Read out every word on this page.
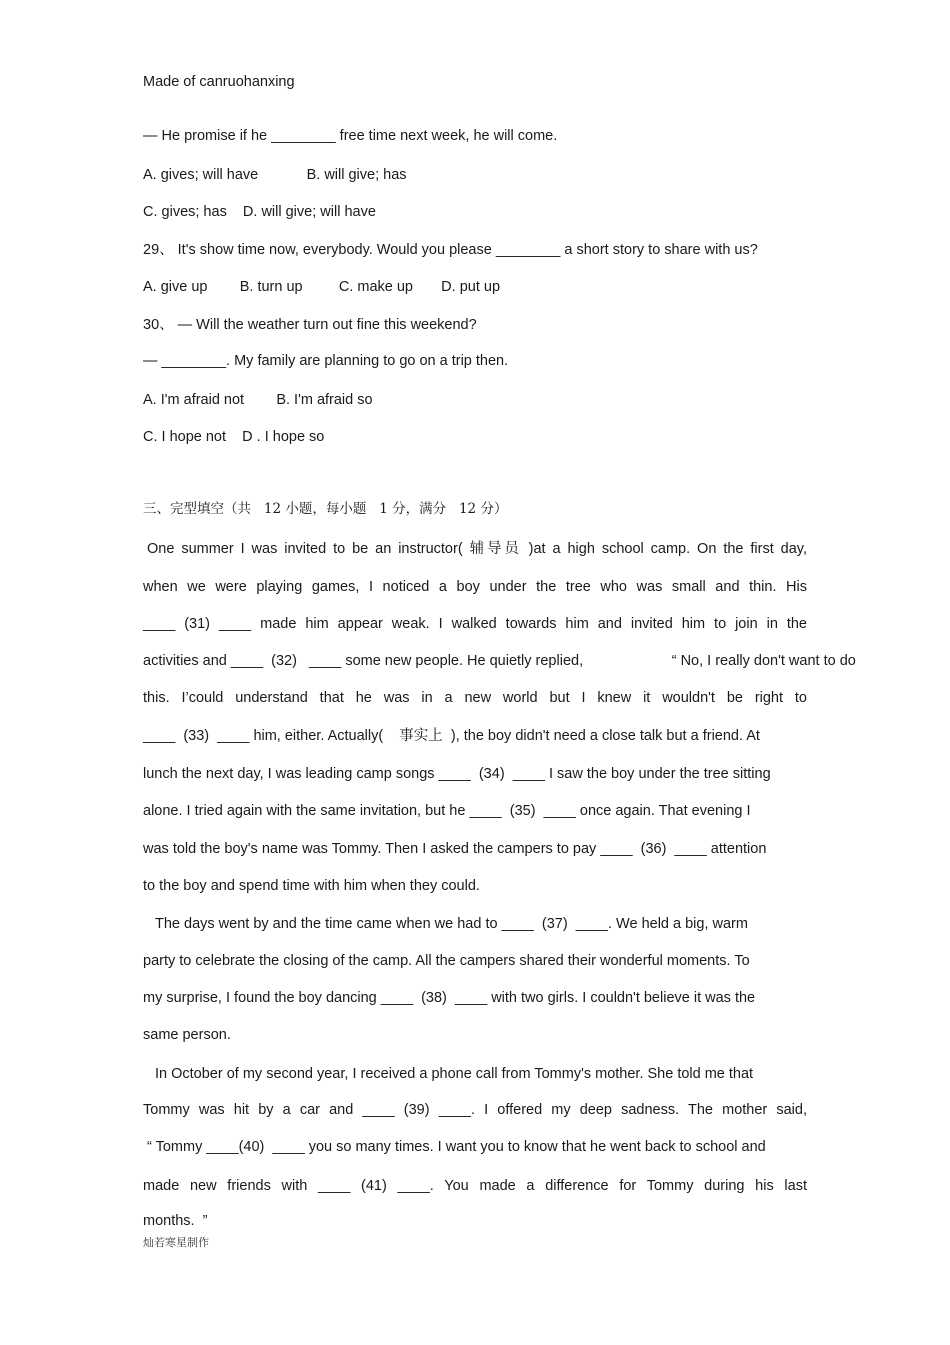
Made of canruohanxing
— He promise if he ________ free time next week, he will come.
A. gives; will have            B. will give; has
C. gives; has    D. will give; will have
29、 It's show time now, everybody. Would you please ________ a short story to share with us?
A. give up        B. turn up         C. make up       D. put up
30、 — Will the weather turn out fine this weekend?
— ________. My family are planning to go on a trip then.
A. I'm afraid not        B. I'm afraid so
C. I hope not    D . I hope so
三、完型填空（共   12 小题，每小题   1 分，满分   12 分）
One summer I was invited to be an instructor( 辅导员 )at a high school camp. On the first day,
when we were playing games, I noticed a boy under the tree who was small and thin. His
____ (31) ____ made him appear weak. I walked towards him and invited him to join in the
activities and ____  (32)   ____ some new people. He quietly replied,                      “ No, I really don't want to do
this. I’could understand that he was in a new world but I knew it wouldn't be right to
____  (33)  ____ him, either. Actually(    事实上  ), the boy didn't need a close talk but a friend. At
lunch the next day, I was leading camp songs ____  (34)  ____ I saw the boy under the tree sitting
alone. I tried again with the same invitation, but he ____  (35)  ____ once again. That evening I
was told the boy's name was Tommy. Then I asked the campers to pay ____  (36)  ____ attention
to the boy and spend time with him when they could.
The days went by and the time came when we had to ____  (37)  ____. We held a big, warm
party to celebrate the closing of the camp. All the campers shared their wonderful moments. To
my surprise, I found the boy dancing ____  (38)  ____ with two girls. I couldn't believe it was the
same person.
In October of my second year, I received a phone call from Tommy's mother. She told me that
Tommy was hit by a car and ____ (39) ____. I offered my deep sadness. The mother said,
“ Tommy ____(40)  ____ you so many times. I want you to know that he went back to school and
made new friends with ____ (41) ____. You made a difference for Tommy during his last
months.  ”
灿若寒星制作
